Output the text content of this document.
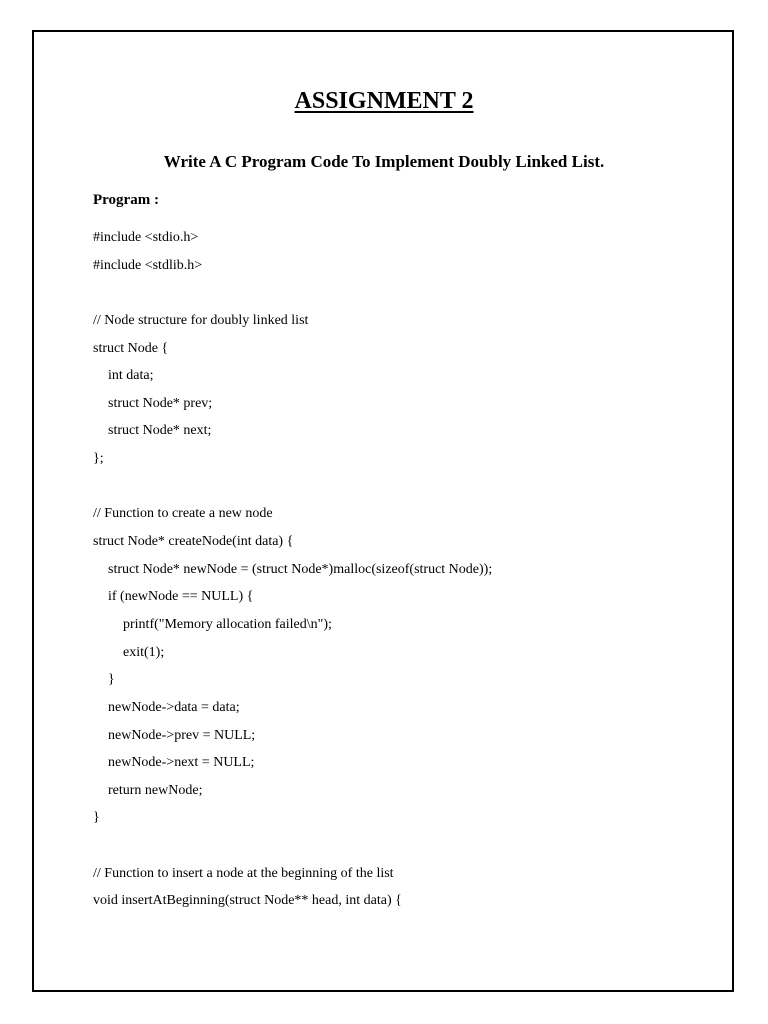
ASSIGNMENT 2
Write A C Program Code To Implement Doubly Linked List.
Program :
#include <stdio.h>
#include <stdlib.h>
// Node structure for doubly linked list
struct Node {
int data;
struct Node* prev;
struct Node* next;
};
// Function to create a new node
struct Node* createNode(int data) {
struct Node* newNode = (struct Node*)malloc(sizeof(struct Node));
if (newNode == NULL) {
printf("Memory allocation failed\n");
exit(1);
}
newNode->data = data;
newNode->prev = NULL;
newNode->next = NULL;
return newNode;
}
// Function to insert a node at the beginning of the list
void insertAtBeginning(struct Node** head, int data) {
